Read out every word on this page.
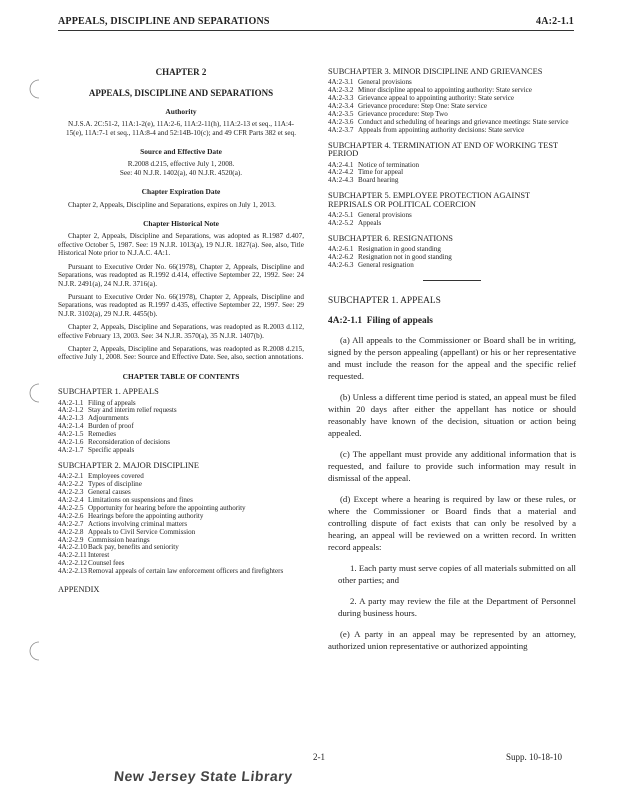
APPEALS, DISCIPLINE AND SEPARATIONS	4A:2-1.1
CHAPTER 2
APPEALS, DISCIPLINE AND SEPARATIONS
Authority

N.J.S.A. 2C:51-2, 11A:1-2(e), 11A:2-6, 11A:2-11(h), 11A:2-13 et seq., 11A:4-15(e), 11A:7-1 et seq., 11A:8-4 and 52:14B-10(c); and 49 CFR Parts 382 et seq.

Source and Effective Date
R.2008 d.215, effective July 1, 2008.
See: 40 N.J.R. 1402(a), 40 N.J.R. 4520(a).
Chapter Expiration Date

Chapter 2, Appeals, Discipline and Separations, expires on July 1, 2013.

Chapter Historical Note

Chapter 2, Appeals, Discipline and Separations, was adopted as R.1987 d.407, effective October 5, 1987. See: 19 N.J.R. 1013(a), 19 N.J.R. 1827(a). See, also, Title Historical Note prior to N.J.A.C. 4A:1.

Pursuant to Executive Order No. 66(1978), Chapter 2, Appeals, Discipline and Separations, was readopted as R.1992 d.414, effective September 22, 1992. See: 24 N.J.R. 2491(a), 24 N.J.R. 3716(a).

Pursuant to Executive Order No. 66(1978), Chapter 2, Appeals, Discipline and Separations, was readopted as R.1997 d.435, effective September 22, 1997. See: 29 N.J.R. 3102(a), 29 N.J.R. 4455(b).

Chapter 2, Appeals, Discipline and Separations, was readopted as R.2003 d.112, effective February 13, 2003. See: 34 N.J.R. 3570(a), 35 N.J.R. 1407(b).

Chapter 2, Appeals, Discipline and Separations, was readopted as R.2008 d.215, effective July 1, 2008. See: Source and Effective Date. See, also, section annotations.

CHAPTER TABLE OF CONTENTS
SUBCHAPTER 1. APPEALS
4A:2-1.1 Filing of appeals
4A:2-1.2 Stay and interim relief requests
4A:2-1.3 Adjournments
4A:2-1.4 Burden of proof
4A:2-1.5 Remedies
4A:2-1.6 Reconsideration of decisions
4A:2-1.7 Specific appeals
SUBCHAPTER 2. MAJOR DISCIPLINE
4A:2-2.1 Employees covered
4A:2-2.2 Types of discipline
4A:2-2.3 General causes
4A:2-2.4 Limitations on suspensions and fines
4A:2-2.5 Opportunity for hearing before the appointing authority
4A:2-2.6 Hearings before the appointing authority
4A:2-2.7 Actions involving criminal matters
4A:2-2.8 Appeals to Civil Service Commission
4A:2-2.9 Commission hearings
4A:2-2.10 Back pay, benefits and seniority
4A:2-2.11 Interest
4A:2-2.12 Counsel fees
4A:2-2.13 Removal appeals of certain law enforcement officers and firefighters
APPENDIX
SUBCHAPTER 3. MINOR DISCIPLINE AND GRIEVANCES
4A:2-3.1 General provisions
4A:2-3.2 Minor discipline appeal to appointing authority: State service
4A:2-3.3 Grievance appeal to appointing authority: State service
4A:2-3.4 Grievance procedure: Step One: State service
4A:2-3.5 Grievance procedure: Step Two
4A:2-3.6 Conduct and scheduling of hearings and grievance meetings: State service
4A:2-3.7 Appeals from appointing authority decisions: State service
SUBCHAPTER 4. TERMINATION AT END OF WORKING TEST PERIOD
4A:2-4.1 Notice of termination
4A:2-4.2 Time for appeal
4A:2-4.3 Board hearing
SUBCHAPTER 5. EMPLOYEE PROTECTION AGAINST REPRISALS OR POLITICAL COERCION
4A:2-5.1 General provisions
4A:2-5.2 Appeals
SUBCHAPTER 6. RESIGNATIONS
4A:2-6.1 Resignation in good standing
4A:2-6.2 Resignation not in good standing
4A:2-6.3 General resignation
SUBCHAPTER 1. APPEALS
4A:2-1.1 Filing of appeals

(a) All appeals to the Commissioner or Board shall be in writing, signed by the person appealing (appellant) or his or her representative and must include the reason for the appeal and the specific relief requested.

(b) Unless a different time period is stated, an appeal must be filed within 20 days after either the appellant has notice or should reasonably have known of the decision, situation or action being appealed.

(c) The appellant must provide any additional information that is requested, and failure to provide such information may result in dismissal of the appeal.

(d) Except where a hearing is required by law or these rules, or where the Commissioner or Board finds that a material and controlling dispute of fact exists that can only be resolved by a hearing, an appeal will be reviewed on a written record. In written record appeals:

1. Each party must serve copies of all materials submitted on all other parties; and

2. A party may review the file at the Department of Personnel during business hours.

(e) A party in an appeal may be represented by an attorney, authorized union representative or authorized appointing

2-1	Supp. 10-18-10
New Jersey State Library
